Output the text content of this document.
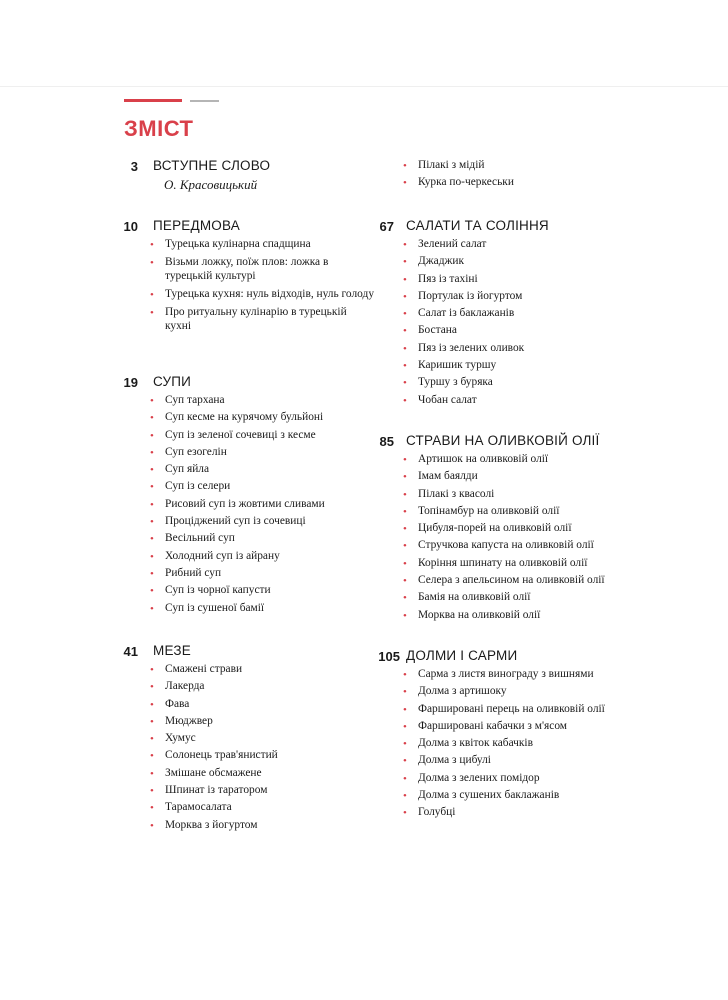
ЗМІСТ
3 ВСТУПНЕ СЛОВО
О. Красовицький
10 ПЕРЕДМОВА
• Турецька кулінарна спадщина
• Візьми ложку, поїж плов: ложка в турецькій культурі
• Турецька кухня: нуль відходів, нуль голоду
• Про ритуальну кулінарію в турецькій кухні
19 СУПИ
• Суп тархана
• Суп кесме на курячому бульйоні
• Суп із зеленої сочевиці з кесме
• Суп езогелін
• Суп яйла
• Суп із селери
• Рисовий суп із жовтими сливами
• Проціджений суп із сочевиці
• Весільний суп
• Холодний суп із айрану
• Рибний суп
• Суп із чорної капусти
• Суп із сушеної бамії
41 МЕЗЕ
• Смажені страви
• Лакерда
• Фава
• Мюджвер
• Хумус
• Солонець трав'янистий
• Змішане обсмажене
• Шпинат із таратором
• Тарамосалата
• Морква з йогуртом
• Пілакі з мідій
• Курка по-черкеськи
67 САЛАТИ ТА СОЛІННЯ
• Зелений салат
• Джаджик
• Пяз із тахіні
• Портулак із йогуртом
• Салат із баклажанів
• Бостана
• Пяз із зелених оливок
• Каришик туршу
• Туршу з буряка
• Чобан салат
85 СТРАВИ НА ОЛИВКОВІЙ ОЛІЇ
• Артишок на оливковій олії
• Імам баялди
• Пілакі з квасолі
• Топінамбур на оливковій олії
• Цибуля-порей на оливковій олії
• Стручкова капуста на оливковій олії
• Коріння шпинату на оливковій олії
• Селера з апельсином на оливковій олії
• Бамія на оливковій олії
• Морква на оливковій олії
105 ДОЛМИ І САРМИ
• Сарма з листя винограду з вишнями
• Долма з артишоку
• Фаршировані перець на оливковій олії
• Фаршировані кабачки з м'ясом
• Долма з квіток кабачків
• Долма з цибулі
• Долма з зелених помідор
• Долма з сушених баклажанів
• Голубці
